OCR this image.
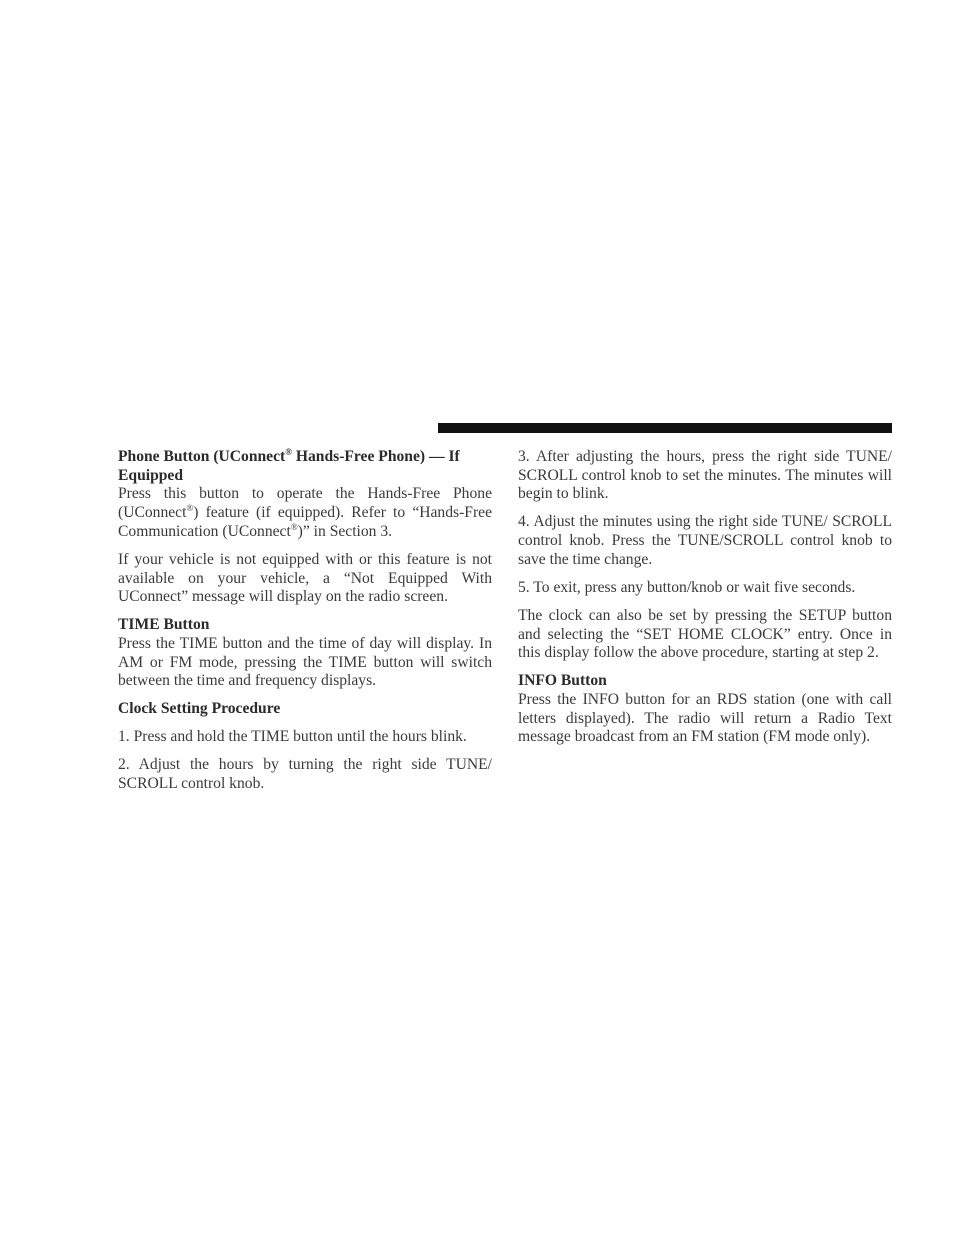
Phone Button (UConnect® Hands-Free Phone) — If Equipped

Press this button to operate the Hands-Free Phone (UConnect®) feature (if equipped). Refer to “Hands-Free Communication (UConnect®)” in Section 3.

If your vehicle is not equipped with or this feature is not available on your vehicle, a “Not Equipped With UConnect” message will display on the radio screen.

TIME Button

Press the TIME button and the time of day will display. In AM or FM mode, pressing the TIME button will switch between the time and frequency displays.

Clock Setting Procedure

1. Press and hold the TIME button until the hours blink.

2. Adjust the hours by turning the right side TUNE/ SCROLL control knob.

3. After adjusting the hours, press the right side TUNE/ SCROLL control knob to set the minutes. The minutes will begin to blink.

4. Adjust the minutes using the right side TUNE/ SCROLL control knob. Press the TUNE/SCROLL control knob to save the time change.

5. To exit, press any button/knob or wait five seconds.

The clock can also be set by pressing the SETUP button and selecting the “SET HOME CLOCK” entry. Once in this display follow the above procedure, starting at step 2.

INFO Button

Press the INFO button for an RDS station (one with call letters displayed). The radio will return a Radio Text message broadcast from an FM station (FM mode only).
